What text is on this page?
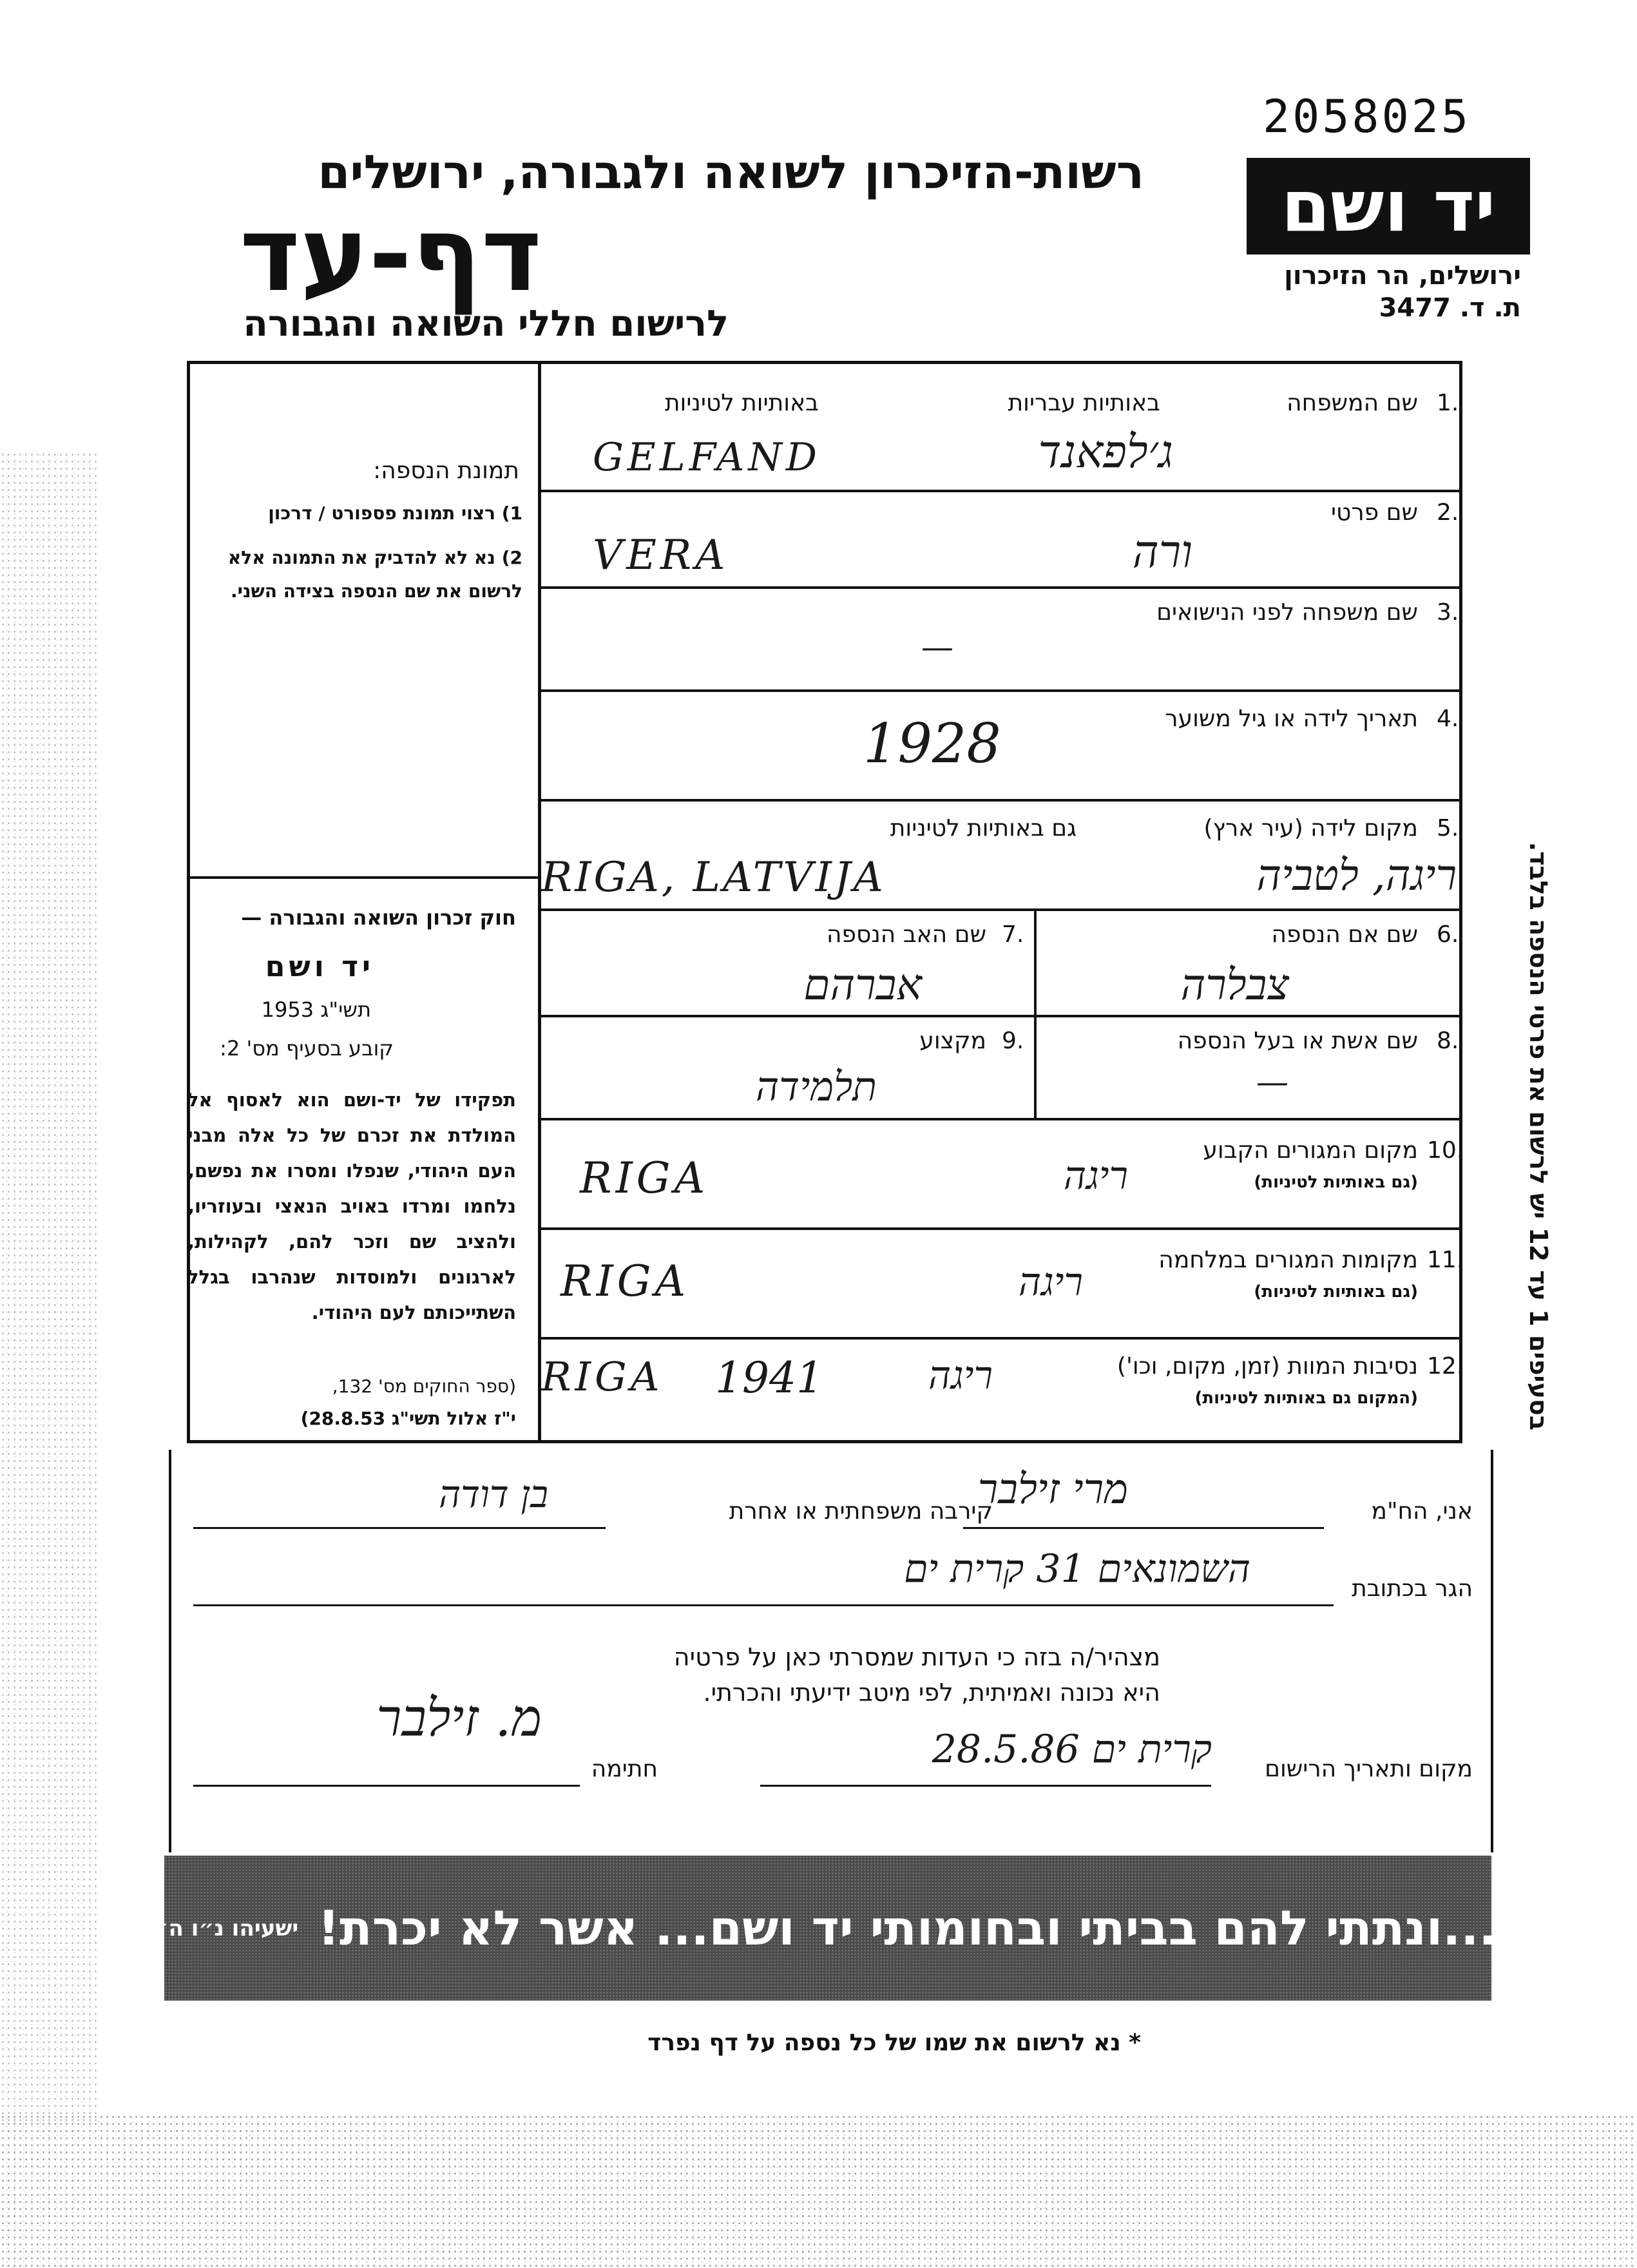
2058025
רשות-הזיכרון לשואה ולגבורה, ירושלים
דף-עד
לרישום חללי השואה והגבורה
יד ושם
ירושלים, הר הזיכרון
ת. ד. 3477
תמונת הנספה:
1) רצוי תמונת פספורט / דרכון
2) נא לא להדביק את התמונה אלא לרשום את שם הנספה בצידה השני.
חוק זכרון השואה והגבורה —
יד ושם
תשי"ג 1953
קובע בסעיף מס' 2:
תפקידו של יד-ושם הוא לאסוף אל המולדת את זכרם של כל אלה מבני העם היהודי, שנפלו ומסרו את נפשם, נלחמו ומרדו באויב הנאצי ובעוזריו, ולהציב שם וזכר להם, לקהילות, לארגונים ולמוסדות שנהרבו בגלל השתייכותם לעם היהודי.
(ספר החוקים מס' 132,
י"ז אלול תשי"ג 28.8.53)
1.
שם המשפחה
באותיות עבריות
באותיות לטיניות
GELFAND	ג׳לפאנד
2.
שם פרטי
VERA	ורה
3.
שם משפחה לפני הנישואים
—
4.
תאריך לידה או גיל משוער
1928
5.
מקום לידה (עיר ארץ)
גם באותיות לטיניות
RIGA, LATVIJA	ריגה, לטביה
6.
שם אם הנספה
צבלרה
7.
שם האב הנספה
אברהם
8.
שם אשת או בעל הנספה
—
9.
מקצוע
תלמידה
10.
מקום המגורים הקבוע
(גם באותיות לטיניות)
RIGA	ריגה
11.
מקומות המגורים במלחמה
(גם באותיות לטיניות)
RIGA	ריגה
12.
נסיבות המוות (זמן, מקום, וכו')
(המקום גם באותיות לטיניות)
RIGA 1941	ריגה
בסעיפים 1 עד 12 יש לרשום את פרטי הנספה בלבד.
אני, הח"מ
מרי זילבר
קירבה משפחתית או אחרת
בן דודה
הגר בכתובת
השמונאים 31 קרית ים
מצהיר/ה בזה כי העדות שמסרתי כאן על פרטיה
היא נכונה ואמיתית, לפי מיטב ידיעתי והכרתי.
מקום ותאריך הרישום
קרית ים 28.5.86
חתימה
מ. זילבר
...ונתתי להם בביתי ובחומותי יד ושם... אשר לא יכרת!
ישעיהו נ״ו ה׳
* נא לרשום את שמו של כל נספה על דף נפרד
